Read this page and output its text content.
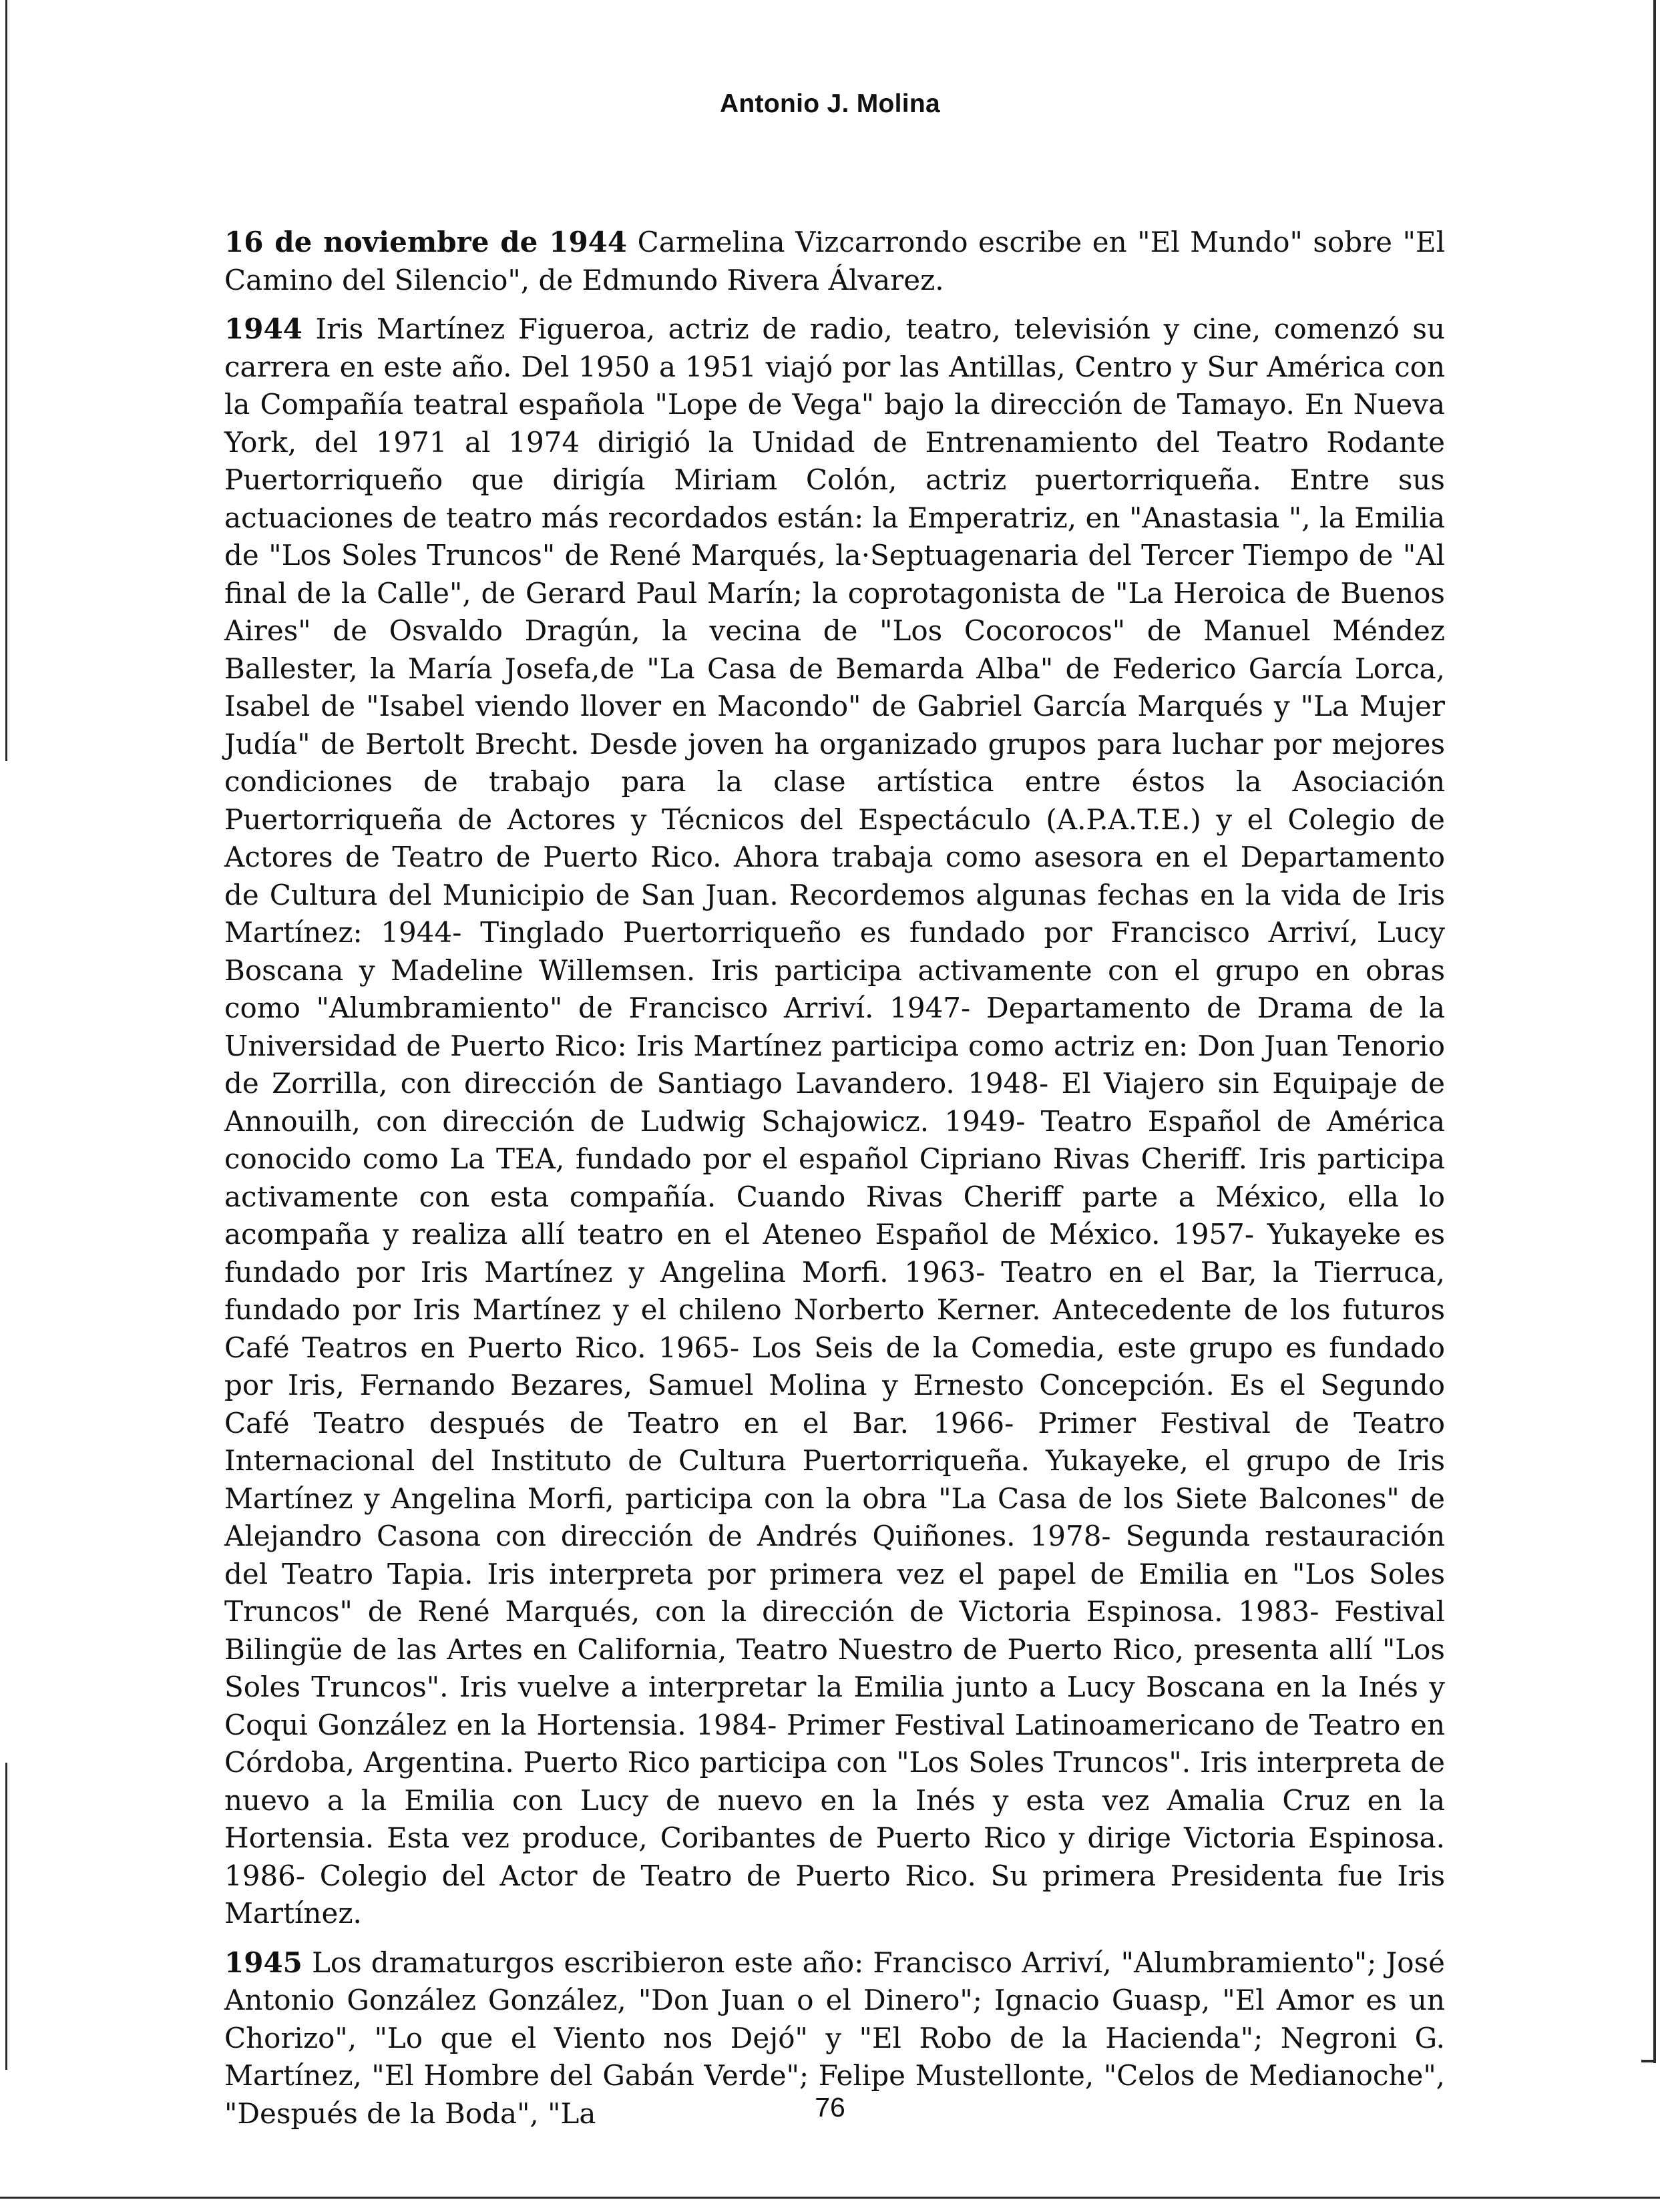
Antonio J. Molina

16 de noviembre de 1944 Carmelina Vizcarrondo escribe en "El Mundo" sobre "El Camino del Silencio", de Edmundo Rivera Álvarez.

1944 Iris Martínez Figueroa, actriz de radio, teatro, televisión y cine, comenzó su carrera en este año. Del 1950 a 1951 viajó por las Antillas, Centro y Sur América con la Compañía teatral española "Lope de Vega" bajo la dirección de Tamayo. En Nueva York, del 1971 al 1974 dirigió la Unidad de Entrenamiento del Teatro Rodante Puertorriqueño que dirigía Miriam Colón, actriz puertorriqueña. Entre sus actuaciones de teatro más recordados están: la Emperatriz, en "Anastasia ", la Emilia de "Los Soles Truncos" de René Marqués, la·Septuagenaria del Tercer Tiempo de "Al final de la Calle", de Gerard Paul Marín; la coprotagonista de "La Heroica de Buenos Aires" de Osvaldo Dragún, la vecina de "Los Cocorocos" de Manuel Méndez Ballester, la María Josefa,de "La Casa de Bemarda Alba" de Federico García Lorca, Isabel de "Isabel viendo llover en Macondo" de Gabriel García Marqués y "La Mujer Judía" de Bertolt Brecht. Desde joven ha organizado grupos para luchar por mejores condiciones de trabajo para la clase artística entre éstos la Asociación Puertorriqueña de Actores y Técnicos del Espectáculo (A.P.A.T.E.) y el Colegio de Actores de Teatro de Puerto Rico. Ahora trabaja como asesora en el Departamento de Cultura del Municipio de San Juan. Recordemos algunas fechas en la vida de Iris Martínez: 1944- Tinglado Puertorriqueño es fundado por Francisco Arriví, Lucy Boscana y Madeline Willemsen. Iris participa activamente con el grupo en obras como "Alumbramiento" de Francisco Arriví. 1947- Departamento de Drama de la Universidad de Puerto Rico: Iris Martínez participa como actriz en: Don Juan Tenorio de Zorrilla, con dirección de Santiago Lavandero. 1948- El Viajero sin Equipaje de Annouilh, con dirección de Ludwig Schajowicz. 1949- Teatro Español de América conocido como La TEA, fundado por el español Cipriano Rivas Cheriff. Iris participa activamente con esta compañía. Cuando Rivas Cheriff parte a México, ella lo acompaña y realiza allí teatro en el Ateneo Español de México. 1957- Yukayeke es fundado por Iris Martínez y Angelina Morfi. 1963- Teatro en el Bar, la Tierruca, fundado por Iris Martínez y el chileno Norberto Kerner. Antecedente de los futuros Café Teatros en Puerto Rico. 1965- Los Seis de la Comedia, este grupo es fundado por Iris, Fernando Bezares, Samuel Molina y Ernesto Concepción. Es el Segundo Café Teatro después de Teatro en el Bar. 1966- Primer Festival de Teatro Internacional del Instituto de Cultura Puertorriqueña. Yukayeke, el grupo de Iris Martínez y Angelina Morfi, participa con la obra "La Casa de los Siete Balcones" de Alejandro Casona con dirección de Andrés Quiñones. 1978- Segunda restauración del Teatro Tapia. Iris interpreta por primera vez el papel de Emilia en "Los Soles Truncos" de René Marqués, con la dirección de Victoria Espinosa. 1983- Festival Bilingüe de las Artes en California, Teatro Nuestro de Puerto Rico, presenta allí "Los Soles Truncos". Iris vuelve a interpretar la Emilia junto a Lucy Boscana en la Inés y Coqui González en la Hortensia. 1984- Primer Festival Latinoamericano de Teatro en Córdoba, Argentina. Puerto Rico participa con "Los Soles Truncos". Iris interpreta de nuevo a la Emilia con Lucy de nuevo en la Inés y esta vez Amalia Cruz en la Hortensia. Esta vez produce, Coribantes de Puerto Rico y dirige Victoria Espinosa. 1986- Colegio del Actor de Teatro de Puerto Rico. Su primera Presidenta fue Iris Martínez.

1945 Los dramaturgos escribieron este año: Francisco Arriví, "Alumbramiento"; José Antonio González González, "Don Juan o el Dinero"; Ignacio Guasp, "El Amor es un Chorizo", "Lo que el Viento nos Dejó" y "El Robo de la Hacienda"; Negroni G. Martínez, "El Hombre del Gabán Verde"; Felipe Mustellonte, "Celos de Medianoche", "Después de la Boda", "La	76
